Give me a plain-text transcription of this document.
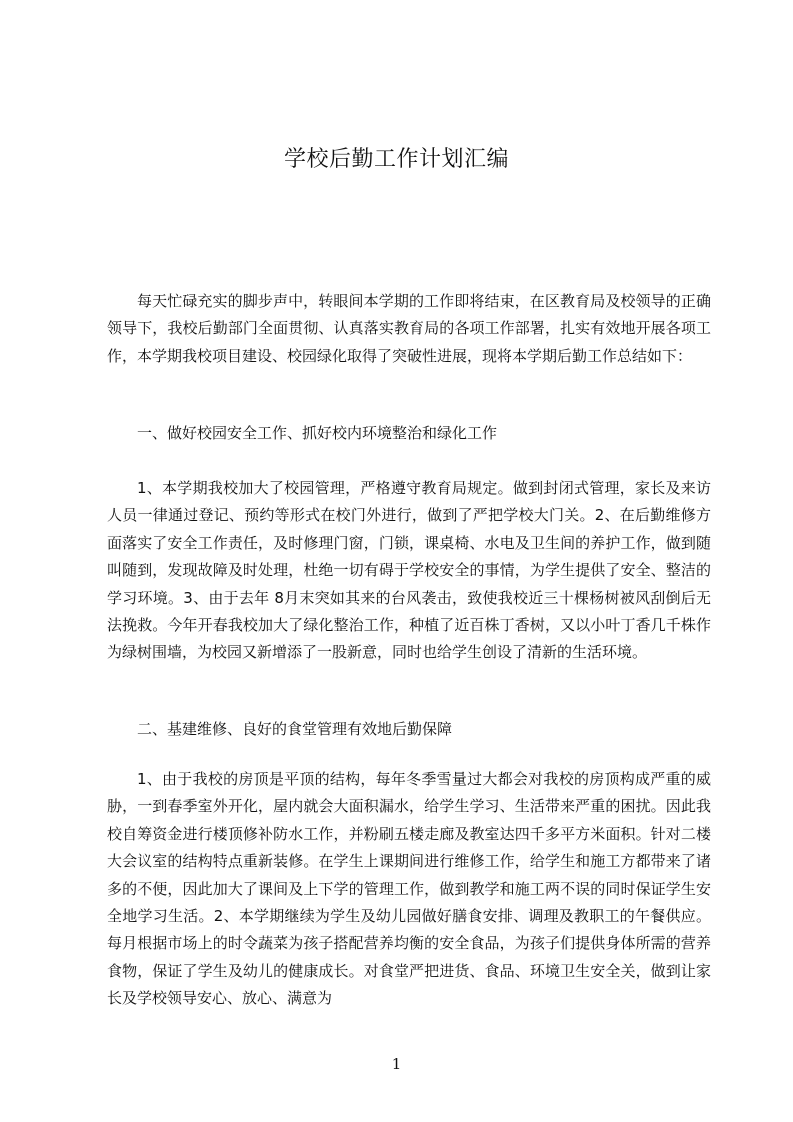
学校后勤工作计划汇编

每天忙碌充实的脚步声中，转眼间本学期的工作即将结束，在区教育局及校领导的正确领导下，我校后勤部门全面贯彻、认真落实教育局的各项工作部署，扎实有效地开展各项工作，本学期我校项目建设、校园绿化取得了突破性进展，现将本学期后勤工作总结如下：

一、做好校园安全工作、抓好校内环境整治和绿化工作

1、本学期我校加大了校园管理，严格遵守教育局规定。做到封闭式管理，家长及来访人员一律通过登记、预约等形式在校门外进行，做到了严把学校大门关。2、在后勤维修方面落实了安全工作责任，及时修理门窗，门锁，课桌椅、水电及卫生间的养护工作，做到随叫随到，发现故障及时处理，杜绝一切有碍于学校安全的事情，为学生提供了安全、整洁的学习环境。3、由于去年 8月末突如其来的台风袭击，致使我校近三十棵杨树被风刮倒后无法挽救。今年开春我校加大了绿化整治工作，种植了近百株丁香树，又以小叶丁香几千株作为绿树围墙，为校园又新增添了一股新意，同时也给学生创设了清新的生活环境。

二、基建维修、良好的食堂管理有效地后勤保障

1、由于我校的房顶是平顶的结构，每年冬季雪量过大都会对我校的房顶构成严重的威胁，一到春季室外开化，屋内就会大面积漏水，给学生学习、生活带来严重的困扰。因此我校自筹资金进行楼顶修补防水工作，并粉刷五楼走廊及教室达四千多平方米面积。针对二楼大会议室的结构特点重新装修。在学生上课期间进行维修工作，给学生和施工方都带来了诸多的不便，因此加大了课间及上下学的管理工作，做到教学和施工两不误的同时保证学生安全地学习生活。2、本学期继续为学生及幼儿园做好膳食安排、调理及教职工的午餐供应。每月根据市场上的时令蔬菜为孩子搭配营养均衡的安全食品，为孩子们提供身体所需的营养食物，保证了学生及幼儿的健康成长。对食堂严把进货、食品、环境卫生安全关，做到让家长及学校领导安心、放心、满意为

1
